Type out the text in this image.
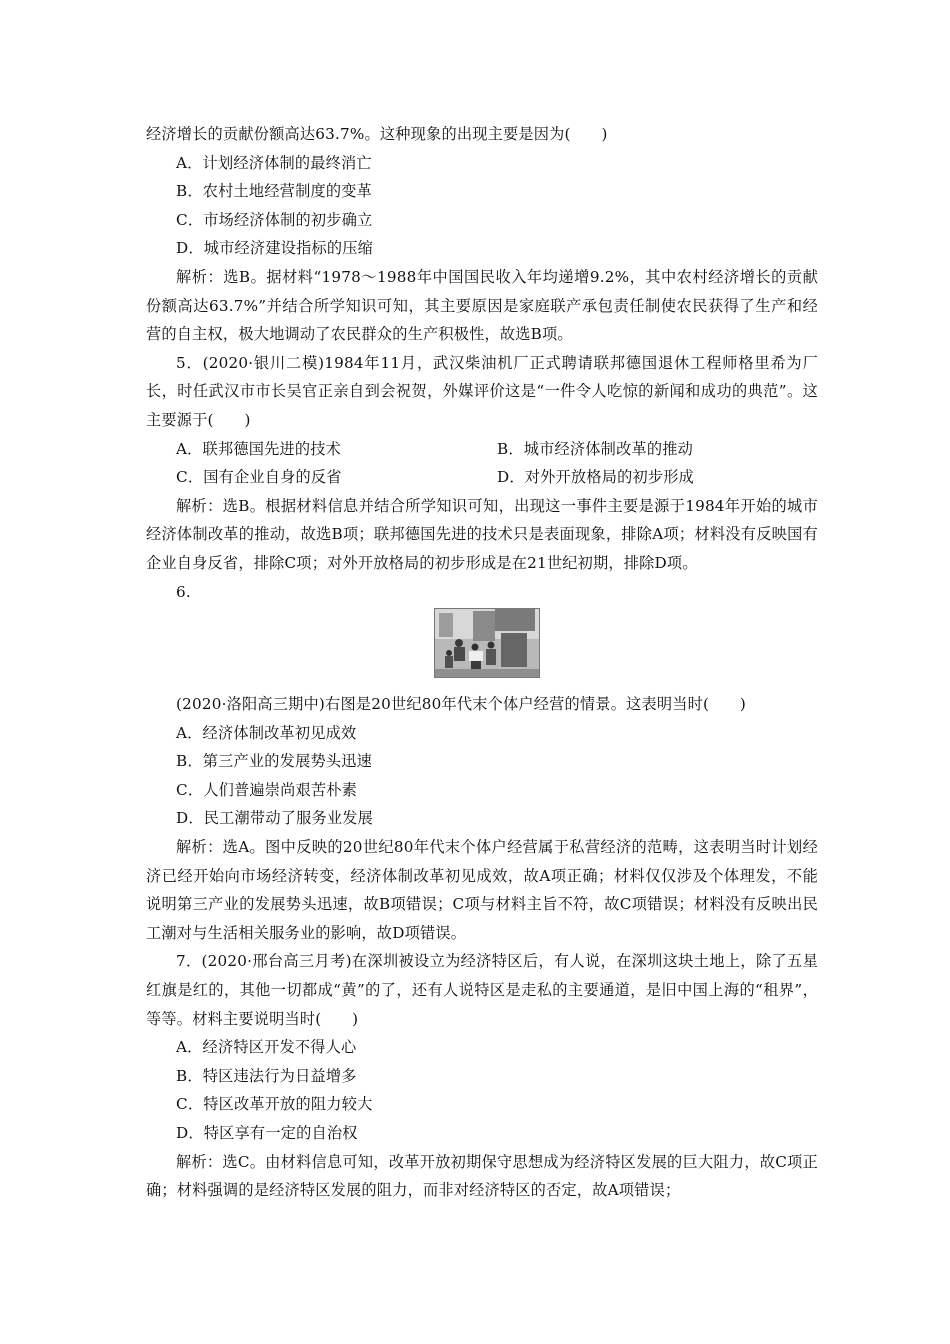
经济增长的贡献份额高达63.7%。这种现象的出现主要是因为(　　)

A．计划经济体制的最终消亡

B．农村土地经营制度的变革

C．市场经济体制的初步确立

D．城市经济建设指标的压缩

解析：选B。据材料“1978～1988年中国国民收入年均递增9.2%，其中农村经济增长的贡献份额高达63.7%”并结合所学知识可知，其主要原因是家庭联产承包责任制使农民获得了生产和经营的自主权，极大地调动了农民群众的生产积极性，故选B项。

5．(2020·银川二模)1984年11月，武汉柴油机厂正式聘请联邦德国退休工程师格里希为厂长，时任武汉市市长吴官正亲自到会祝贺，外媒评价这是“一件令人吃惊的新闻和成功的典范”。这主要源于(　　)

A．联邦德国先进的技术	B．城市经济体制改革的推动
C．国有企业自身的反省	D．对外开放格局的初步形成

解析：选B。根据材料信息并结合所学知识可知，出现这一事件主要是源于1984年开始的城市经济体制改革的推动，故选B项；联邦德国先进的技术只是表面现象，排除A项；材料没有反映国有企业自身反省，排除C项；对外开放格局的初步形成是在21世纪初期，排除D项。

6.

(2020·洛阳高三期中)右图是20世纪80年代末个体户经营的情景。这表明当时(　　)

A．经济体制改革初见成效

B．第三产业的发展势头迅速

C．人们普遍崇尚艰苦朴素

D．民工潮带动了服务业发展

解析：选A。图中反映的20世纪80年代末个体户经营属于私营经济的范畴，这表明当时计划经济已经开始向市场经济转变，经济体制改革初见成效，故A项正确；材料仅仅涉及个体理发，不能说明第三产业的发展势头迅速，故B项错误；C项与材料主旨不符，故C项错误；材料没有反映出民工潮对与生活相关服务业的影响，故D项错误。

7．(2020·邢台高三月考)在深圳被设立为经济特区后，有人说，在深圳这块土地上，除了五星红旗是红的，其他一切都成“黄”的了，还有人说特区是走私的主要通道，是旧中国上海的“租界”，等等。材料主要说明当时(　　)

A．经济特区开发不得人心

B．特区违法行为日益增多

C．特区改革开放的阻力较大

D．特区享有一定的自治权

解析：选C。由材料信息可知，改革开放初期保守思想成为经济特区发展的巨大阻力，故C项正确；材料强调的是经济特区发展的阻力，而非对经济特区的否定，故A项错误；
